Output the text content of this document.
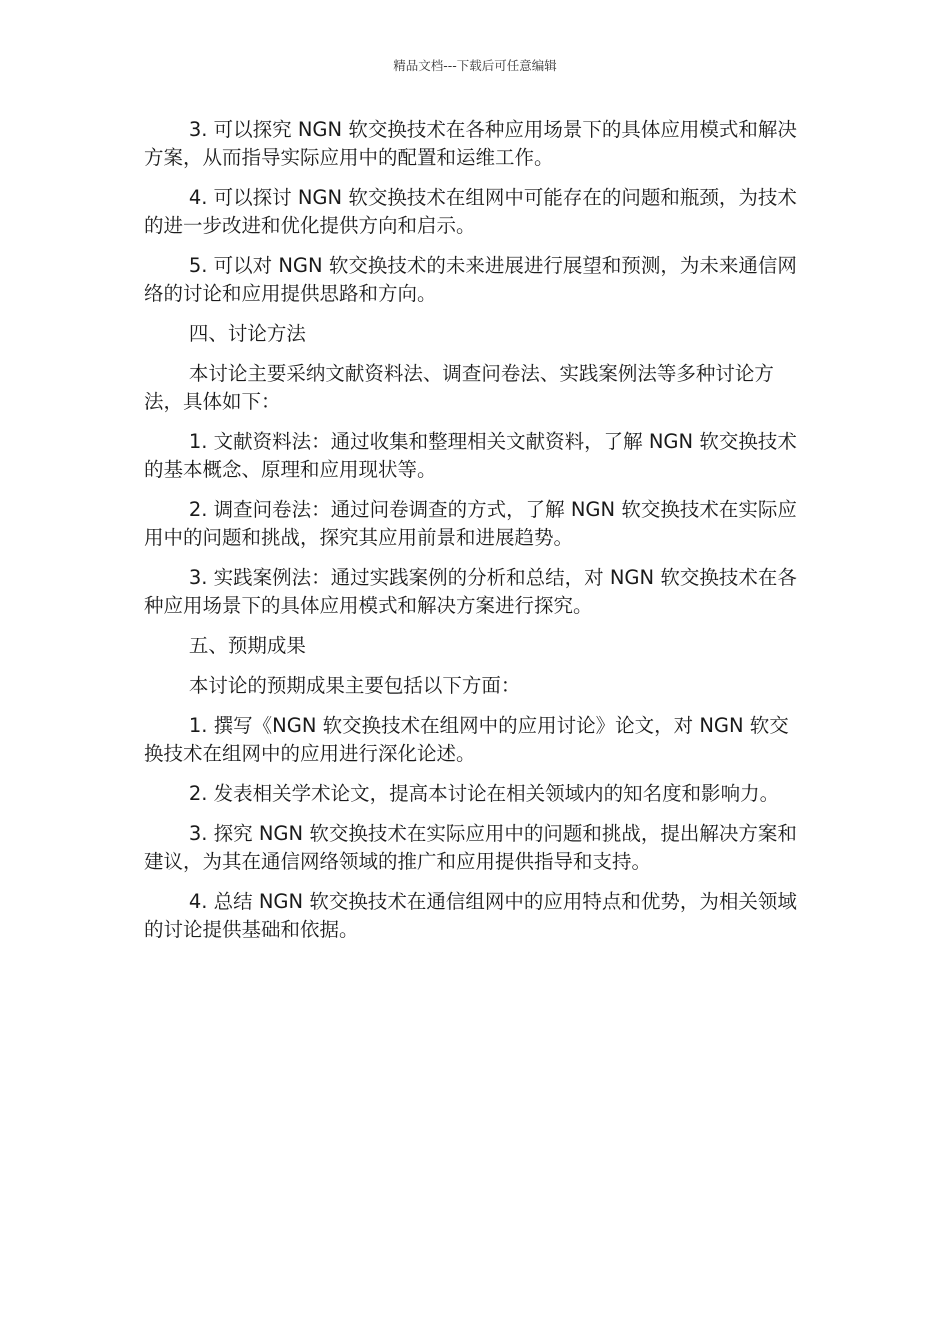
精品文档---下载后可任意编辑

3. 可以探究 NGN 软交换技术在各种应用场景下的具体应用模式和解决方案，从而指导实际应用中的配置和运维工作。

4. 可以探讨 NGN 软交换技术在组网中可能存在的问题和瓶颈，为技术的进一步改进和优化提供方向和启示。

5. 可以对 NGN 软交换技术的未来进展进行展望和预测，为未来通信网络的讨论和应用提供思路和方向。

四、讨论方法

本讨论主要采纳文献资料法、调查问卷法、实践案例法等多种讨论方法，具体如下：

1. 文献资料法：通过收集和整理相关文献资料，了解 NGN 软交换技术的基本概念、原理和应用现状等。

2. 调查问卷法：通过问卷调查的方式，了解 NGN 软交换技术在实际应用中的问题和挑战，探究其应用前景和进展趋势。

3. 实践案例法：通过实践案例的分析和总结，对 NGN 软交换技术在各种应用场景下的具体应用模式和解决方案进行探究。

五、预期成果

本讨论的预期成果主要包括以下方面：

1. 撰写《NGN 软交换技术在组网中的应用讨论》论文，对 NGN 软交换技术在组网中的应用进行深化论述。

2. 发表相关学术论文，提高本讨论在相关领域内的知名度和影响力。

3. 探究 NGN 软交换技术在实际应用中的问题和挑战，提出解决方案和建议，为其在通信网络领域的推广和应用提供指导和支持。

4. 总结 NGN 软交换技术在通信组网中的应用特点和优势，为相关领域的讨论提供基础和依据。
